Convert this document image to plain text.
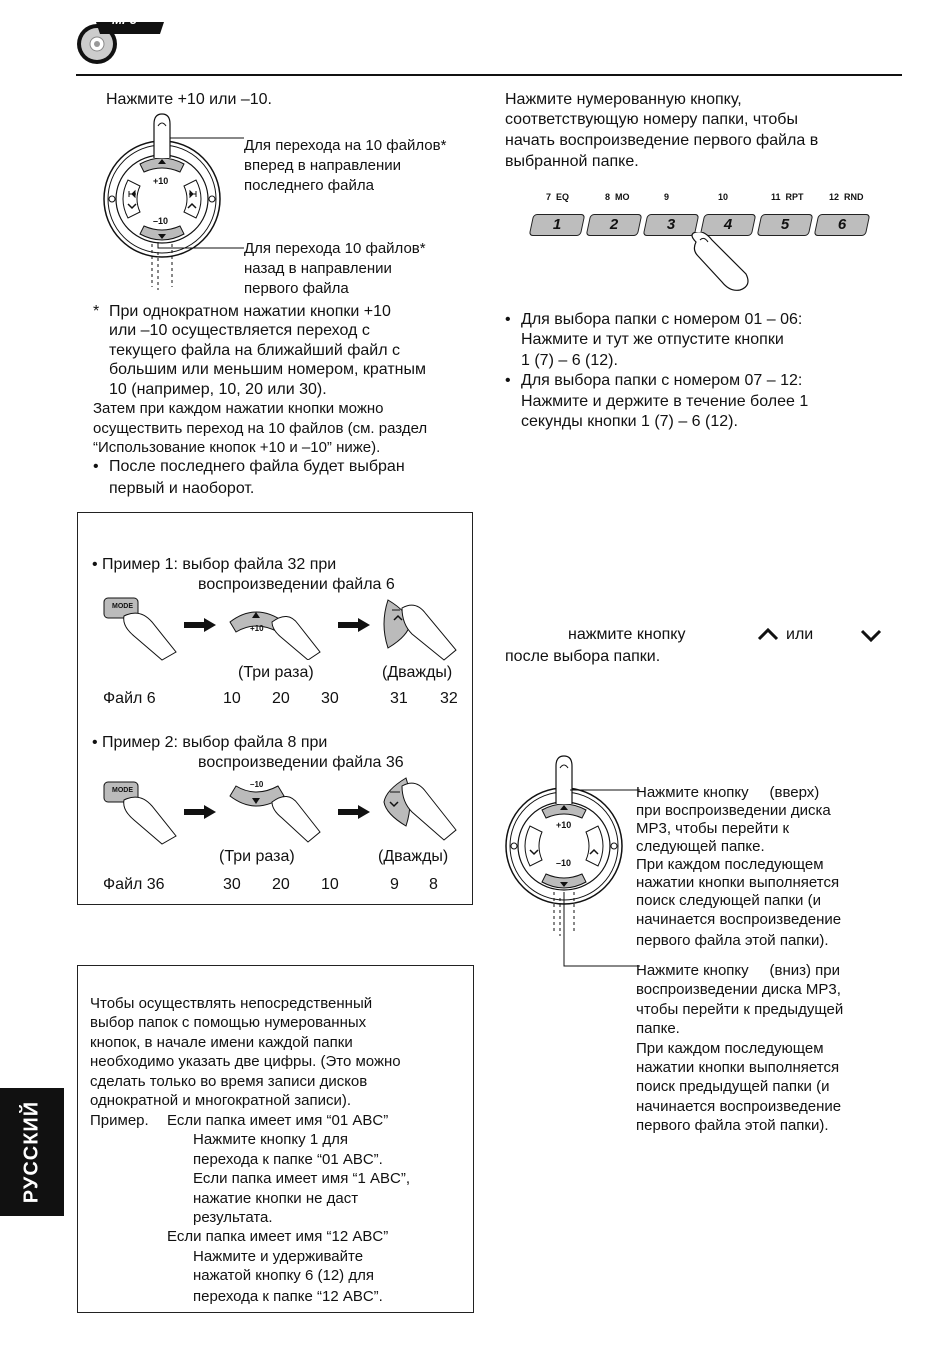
MP3
Нажмите +10 или –10.
+10
–10
Для перехода на 10 файлов*
вперед в направлении
последнего файла
Для перехода 10 файлов*
назад в направлении
первого файла
* При однократном нажатии кнопки +10
или –10 осуществляется переход с
текущего файла на ближайший файл с
большим или меньшим номером, кратным
10 (например, 10, 20 или 30).
Затем при каждом нажатии кнопки можно
осуществить переход на 10 файлов (см. раздел
“Использование кнопок +10 и –10” ниже).
• После последнего файла будет выбран
первый и наоборот.
• Пример 1: выбор файла 32 при
воспроизведении файла 6
MODE
+10
(Три раза)	(Дважды)
Файл 6	10 20 30	31 32
• Пример 2: выбор файла 8 при
воспроизведении файла 36
MODE
–10
(Три раза)	(Дважды)
Файл 36	30 20 10	9 8
Чтобы осуществлять непосредственный
выбор папок с помощью нумерованных
кнопок, в начале имени каждой папки
необходимо указать две цифры. (Это можно
сделать только во время записи дисков
однократной и многократной записи).
Пример. Если папка имеет имя “01 ABC”
Нажмите кнопку 1 для
перехода к папке “01 ABC”.
Если папка имеет имя “1 ABC”,
нажатие кнопки не даст
результата.
Если папка имеет имя “12 ABC”
Нажмите и удерживайте
нажатой кнопку 6 (12) для
перехода к папке “12 ABC”.
РУССКИЙ
Нажмите нумерованную кнопку,
соответствующую номеру папки, чтобы
начать воспроизведение первого файла в
выбранной папке.
7  EQ	8  MO	9	10	11  RPT	12  RND
1	2	3	4	5	6
• Для выбора папки с номером 01 – 06:
Нажмите и тут же отпустите кнопки
1 (7) – 6 (12).
• Для выбора папки с номером 07 – 12:
Нажмите и держите в течение более 1
секунды кнопки 1 (7) – 6 (12).
нажмите кнопку	или
после выбора папки.
+10
–10
Нажмите кнопку     (вверх)
при воспроизведении диска
MP3, чтобы перейти к
следующей папке.
При каждом последующем
нажатии кнопки выполняется
поиск следующей папки (и
начинается воспроизведение
первого файла этой папки).
Нажмите кнопку     (вниз) при
воспроизведении диска MP3,
чтобы перейти к предыдущей
папке.
При каждом последующем
нажатии кнопки выполняется
поиск предыдущей папки (и
начинается воспроизведение
первого файла этой папки).
